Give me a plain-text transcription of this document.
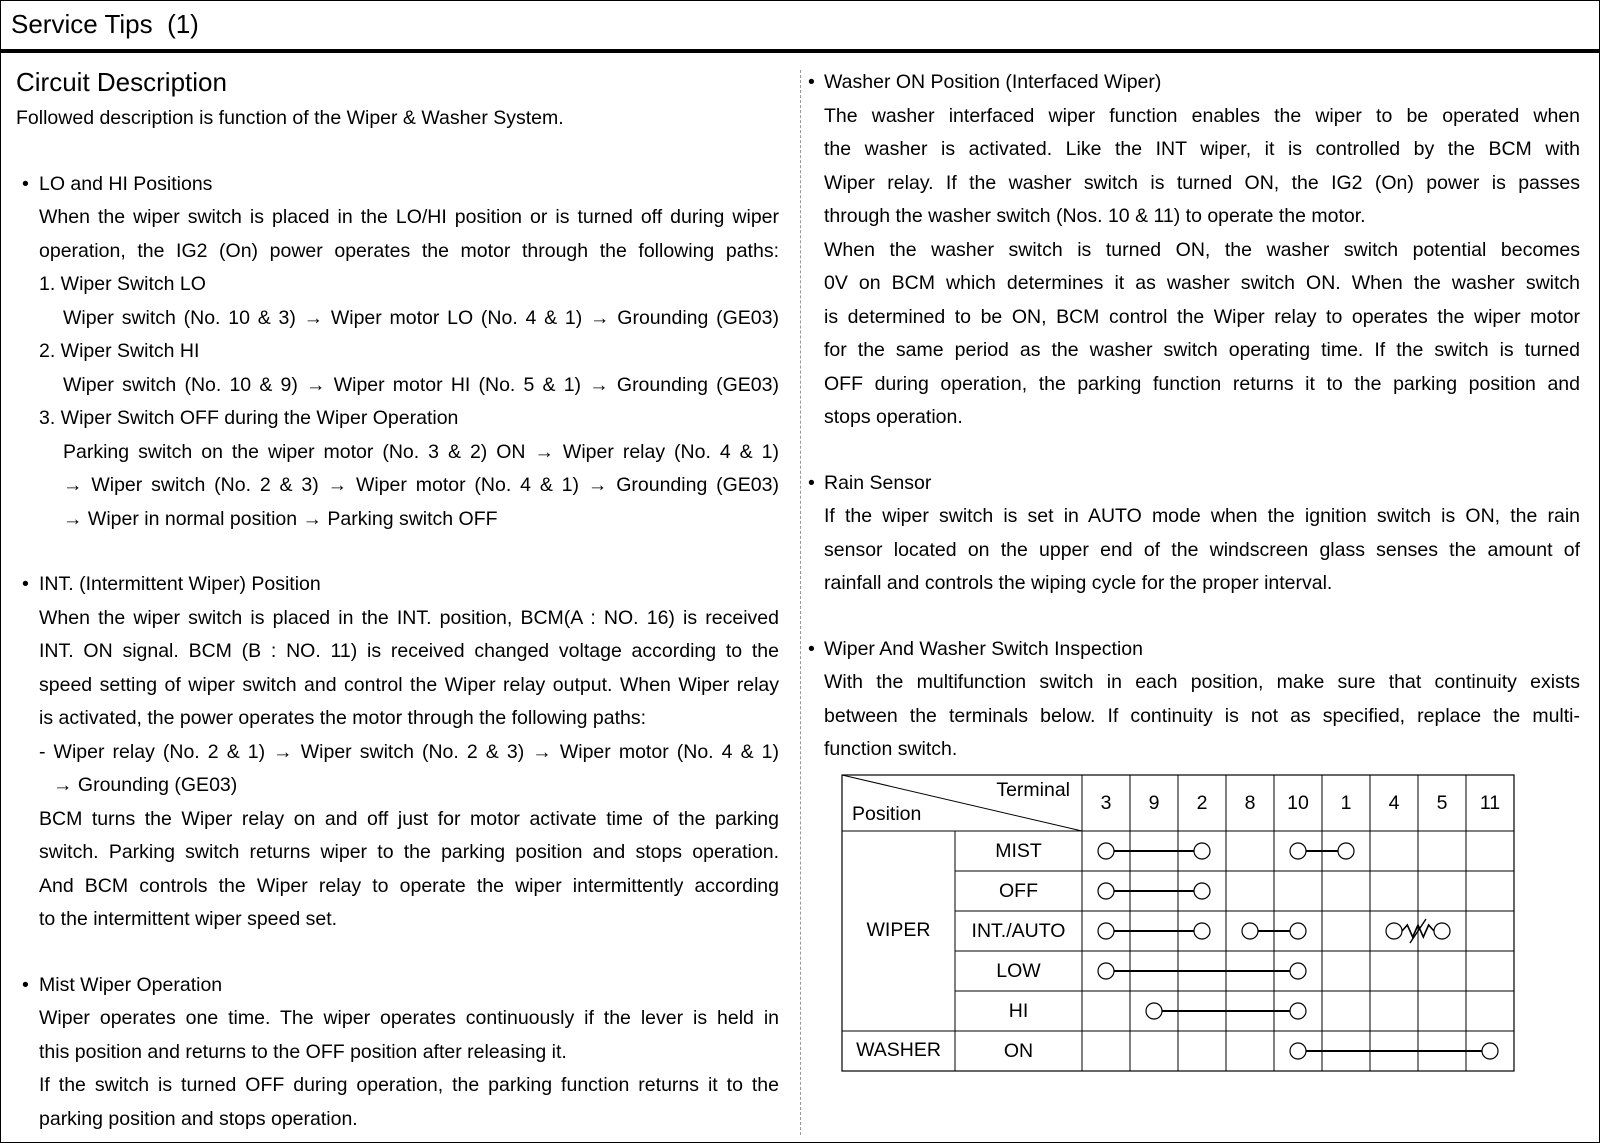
Service Tips (1)
Circuit Description
Followed description is function of the Wiper & Washer System.
• LO and HI Positions
When the wiper switch is placed in the LO/HI position or is turned off during wiper
operation, the IG2 (On) power operates the motor through the following paths:
1. Wiper Switch LO
Wiper switch (No. 10 & 3) → Wiper motor LO (No. 4 & 1) → Grounding (GE03)
2. Wiper Switch HI
Wiper switch (No. 10 & 9) → Wiper motor HI (No. 5 & 1) → Grounding (GE03)
3. Wiper Switch OFF during the Wiper Operation
Parking switch on the wiper motor (No. 3 & 2) ON → Wiper relay (No. 4 & 1)
→ Wiper switch (No. 2 & 3) → Wiper motor (No. 4 & 1) → Grounding (GE03)
→ Wiper in normal position → Parking switch OFF
• INT. (Intermittent Wiper) Position
When the wiper switch is placed in the INT. position, BCM(A : NO. 16) is received
INT. ON signal. BCM (B : NO. 11) is received changed voltage according to the
speed setting of wiper switch and control the Wiper relay output. When Wiper relay
is activated, the power operates the motor through the following paths:
- Wiper relay (No. 2 & 1) → Wiper switch (No. 2 & 3) → Wiper motor (No. 4 & 1)
→ Grounding (GE03)
BCM turns the Wiper relay on and off just for motor activate time of the parking
switch. Parking switch returns wiper to the parking position and stops operation.
And BCM controls the Wiper relay to operate the wiper intermittently according
to the intermittent wiper speed set.
• Mist Wiper Operation
Wiper operates one time. The wiper operates continuously if the lever is held in
this position and returns to the OFF position after releasing it.
If the switch is turned OFF during operation, the parking function returns it to the
parking position and stops operation.
• Washer ON Position (Interfaced Wiper)
The washer interfaced wiper function enables the wiper to be operated when
the washer is activated. Like the INT wiper, it is controlled by the BCM with
Wiper relay. If the washer switch is turned ON, the IG2 (On) power is passes
through the washer switch (Nos. 10 & 11) to operate the motor.
When the washer switch is turned ON, the washer switch potential becomes
0V on BCM which determines it as washer switch ON. When the washer switch
is determined to be ON, BCM control the Wiper relay to operates the wiper motor
for the same period as the washer switch operating time. If the switch is turned
OFF during operation, the parking function returns it to the parking position and
stops operation.
• Rain Sensor
If the wiper switch is set in AUTO mode when the ignition switch is ON, the rain
sensor located on the upper end of the windscreen glass senses the amount of
rainfall and controls the wiping cycle for the proper interval.
• Wiper And Washer Switch Inspection
With the multifunction switch in each position, make sure that continuity exists
between the terminals below. If continuity is not as specified, replace the multi-
function switch.
WIPER
WASHER
Terminal
Position	3 9 2 8 10 1 4 5 11
MIST
OFF
INT./AUTO
LOW
HI
ON
